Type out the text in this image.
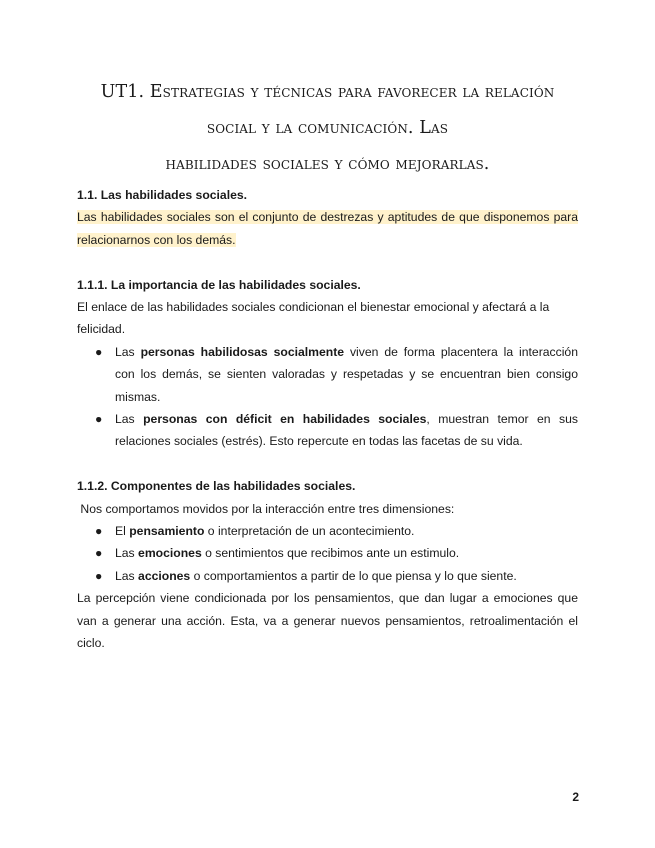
UT1. Estrategias y técnicas para favorecer la relación social y la comunicación. Las
habilidades sociales y cómo mejorarlas.
1.1. Las habilidades sociales.

Las habilidades sociales son el conjunto de destrezas y aptitudes de que disponemos para relacionarnos con los demás.

1.1.1. La importancia de las habilidades sociales.

El enlace de las habilidades sociales condicionan el bienestar emocional y afectará a la felicidad.

● Las personas habilidosas socialmente viven de forma placentera la interacción con los demás, se sienten valoradas y respetadas y se encuentran bien consigo mismas.
● Las personas con déficit en habilidades sociales, muestran temor en sus relaciones sociales (estrés). Esto repercute en todas las facetas de su vida.
1.1.2. Componentes de las habilidades sociales.

Nos comportamos movidos por la interacción entre tres dimensiones:

● El pensamiento o interpretación de un acontecimiento.
● Las emociones o sentimientos que recibimos ante un estimulo.
● Las acciones o comportamientos a partir de lo que piensa y lo que siente.

La percepción viene condicionada por los pensamientos, que dan lugar a emociones que van a generar una acción. Esta, va a generar nuevos pensamientos, retroalimentación el ciclo.

2
